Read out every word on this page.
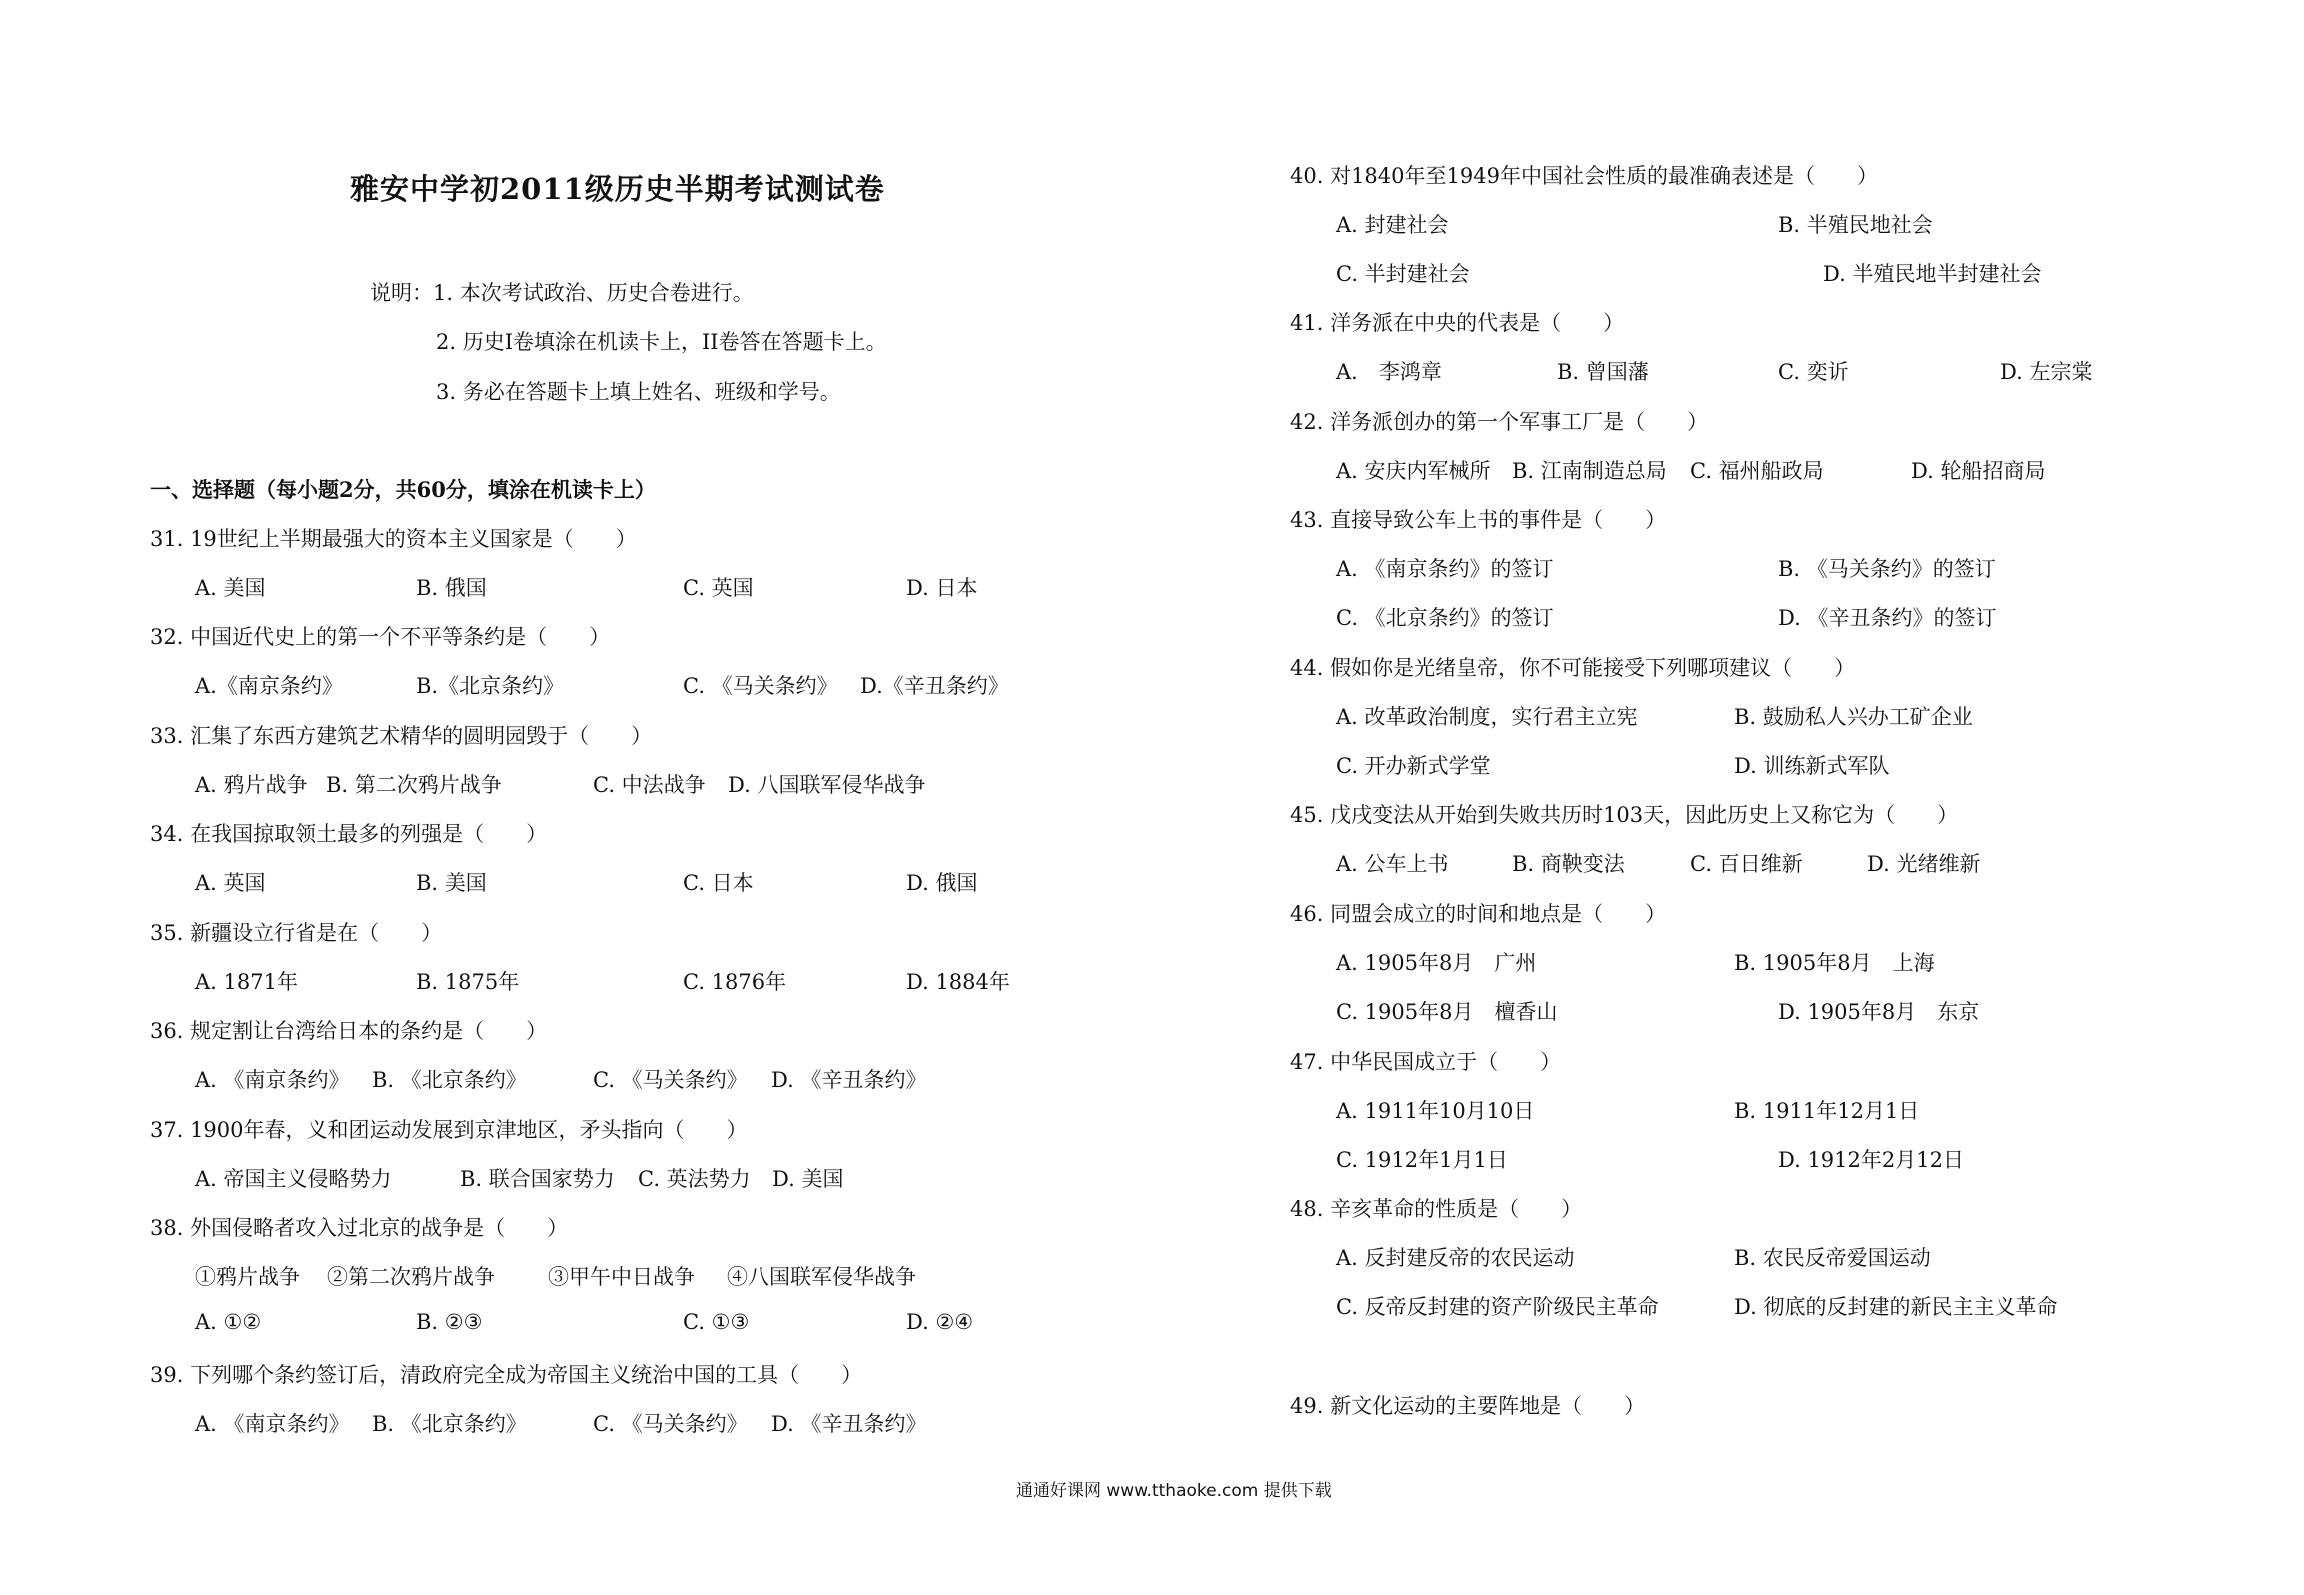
雅安中学初2011级历史半期考试测试卷
说明：1. 本次考试政治、历史合卷进行。
2. 历史Ⅰ卷填涂在机读卡上，II卷答在答题卡上。
3. 务必在答题卡上填上姓名、班级和学号。
一、选择题（每小题2分，共60分，填涂在机读卡上）
31. 19世纪上半期最强大的资本主义国家是（　　）
A. 美国	B. 俄国	C. 英国	D. 日本
32. 中国近代史上的第一个不平等条约是（　　）
A.《南京条约》	B.《北京条约》	C. 《马关条约》 D.《辛丑条约》
33. 汇集了东西方建筑艺术精华的圆明园毁于（　　）
A. 鸦片战争 B. 第二次鸦片战争	C. 中法战争 D. 八国联军侵华战争
34. 在我国掠取领土最多的列强是（　　）
A. 英国	B. 美国	C. 日本	D. 俄国
35. 新疆设立行省是在（　　）
A. 1871年	B. 1875年	C. 1876年	D. 1884年
36. 规定割让台湾给日本的条约是（　　）
A. 《南京条约》 B. 《北京条约》	C. 《马关条约》 D. 《辛丑条约》
37. 1900年春，义和团运动发展到京津地区，矛头指向（　　）
A. 帝国主义侵略势力	B. 联合国家势力 C. 英法势力 D. 美国
38. 外国侵略者攻入过北京的战争是（　　）
①鸦片战争 ②第二次鸦片战争	③甲午中日战争 ④八国联军侵华战争
A. ①②	B. ②③	C. ①③	D. ②④
39. 下列哪个条约签订后，清政府完全成为帝国主义统治中国的工具（　　）
A. 《南京条约》 B. 《北京条约》	C. 《马关条约》 D. 《辛丑条约》
40. 对1840年至1949年中国社会性质的最准确表述是（　　）
A. 封建社会	B. 半殖民地社会
C. 半封建社会	D. 半殖民地半封建社会
41. 洋务派在中央的代表是（　　）
A． 李鸿章	B. 曾国藩	C. 奕䜣	D. 左宗棠
42. 洋务派创办的第一个军事工厂是（　　）
A. 安庆内军械所 B. 江南制造总局 C. 福州船政局	D. 轮船招商局
43. 直接导致公车上书的事件是（　　）
A. 《南京条约》的签订	B. 《马关条约》的签订
C. 《北京条约》的签订	D. 《辛丑条约》的签订
44. 假如你是光绪皇帝，你不可能接受下列哪项建议（　　）
A. 改革政治制度，实行君主立宪	B. 鼓励私人兴办工矿企业
C. 开办新式学堂	D. 训练新式军队
45. 戊戌变法从开始到失败共历时103天，因此历史上又称它为（　　）
A. 公车上书	B. 商鞅变法	C. 百日维新	D. 光绪维新
46. 同盟会成立的时间和地点是（　　）
A. 1905年8月　广州	B. 1905年8月　上海
C. 1905年8月　檀香山	D. 1905年8月　东京
47. 中华民国成立于（　　）
A. 1911年10月10日	B. 1911年12月1日
C. 1912年1月1日	D. 1912年2月12日
48. 辛亥革命的性质是（　　）
A. 反封建反帝的农民运动	B. 农民反帝爱国运动
C. 反帝反封建的资产阶级民主革命	D. 彻底的反封建的新民主主义革命
49. 新文化运动的主要阵地是（　　）
通通好课网 www.tthaoke.com 提供下载
